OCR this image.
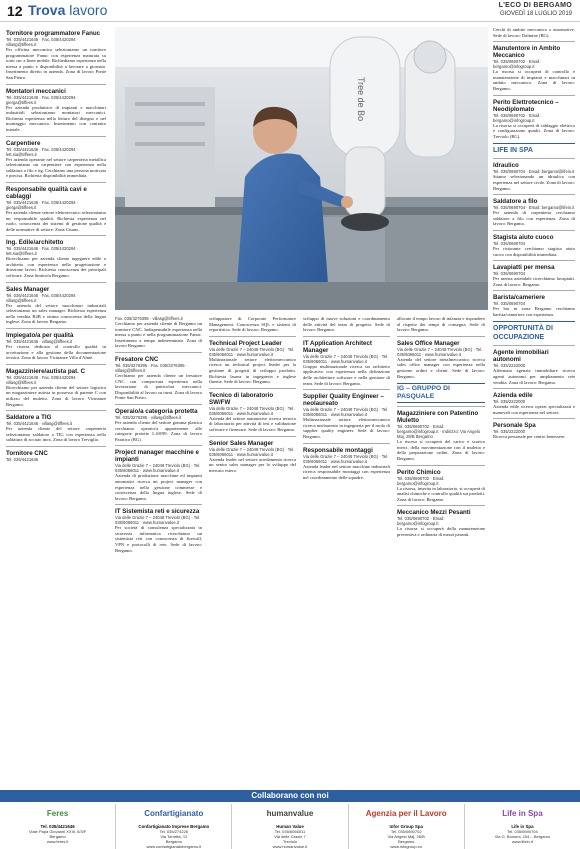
12 Trova lavoro	L'ECO DI BERGAMO
GIOVEDÌ 18 LUGLIO 2019
Tornitore programmatore Fanuc
Tel. 035/4421646 · Fax. 035/4420294 · villasg@tiffees.it

Per officina meccanica selezioniamo un tornitore programmatore Fanuc con esperienza maturata su torni cnc a linea mobile. Richiediamo esperienza nella messa a punto e disponibilità a lavorare a giornata. Inserimento diretto in azienda. Zona di lavoro Ponte San Pietro.

Montatori meccanici
Tel. 035/4421646 · Fax. 035/4420294 · gierga@tiffees.it

Per azienda produttrice di impianti e macchinari industriali selezioniamo montatori meccanici. Richiesta esperienza nella lettura del disegno e nel montaggio meccanico. Inserimento con contratto iniziale.

Carpentiere
Tel. 035/4421646 · Fax. 035/4420294 · lett.sia@tiffees.it

Per azienda operante nel settore carpenteria metallica selezioniamo un carpentiere con esperienza nella saldatura a filo e tig. Cerchiamo una persona motivata e precisa. Richiesta disponibilità immediata.

Responsabile qualità cavi e cablaggi
Tel. 035/4421646 · Fax. 035/4420294 · gierga@tiffees.it

Per azienda cliente settore elettrotecnico selezioniamo un responsabile qualità. Richiesta esperienza nel ruolo, conoscenza dei sistemi di gestione qualità e delle normative di settore. Zona Cisano.

Ing. Edile/architetto
Tel. 035/4421646 · Fax. 035/4420294 · lett.sia@tiffees.it

Ricerchiamo per azienda cliente ingegnere edile o architetto con esperienza nella progettazione e direzione lavori. Richiesta conoscenza dei principali software. Zona limitrofa Bergamo.

Sales Manager
Tel. 035/4421646 · Fax. 035/4420294 · villasg@tiffees.it

Per azienda del settore macchinari industriali selezioniamo un sales manager. Richiesta esperienza nella vendita B2B e ottima conoscenza della lingua inglese. Zona di lavoro Bergamo.

Impiegato/a per qualità
Tel. 035/4421646 · villasg@tiffees.it

Per risorsa dedicata al controllo qualità in accettazione e alla gestione della documentazione tecnica. Zona di lavoro Vicinanze Villa d'Almè.

Magazziniere/autista pat. C
Tel. 035/4421646 · Fax. 035/4420294 · villasg@tiffees.it

Ricerchiamo per azienda cliente del settore logistica un magazziniere autista in possesso di patente C con utilizzo del muletto. Zona di lavoro Vicinanze Bergamo.

Saldatore a TIG
Tel. 035/4421646 · villasg@tiffees.it

Per azienda cliente del settore carpenteria selezioniamo saldatore a TIG con esperienza nella saldatura di acciaio inox. Zona di lavoro Treviglio.

Tornitore CNC
Tel. 035/4421646
Fax. 035/3276395 · villasg@tiffees.it

Cerchiamo per azienda cliente di Bergamo un tornitore CNC. Indispensabile esperienza nella messa a punto e nella programmazione Fanuc. Inserimento a tempo indeterminato. Zona di lavoro Bergamo.

Fresatore CNC
Tel. 035/3276395 · Fax. 035/3276395 · villasg@tiffees.it

Cerchiamo per azienda cliente un fresatore CNC con comprovata esperienza nella lavorazione di particolari meccanici. Disponibilità al lavoro su turni. Zona di lavoro Ponte San Pietro.

Operaio/a categoria protetta
Tel. 035/3276395 · villasg@tiffees.it

Per azienda cliente del settore gomma plastica cerchiamo operaio/a appartenente alle categorie protette L.68/99. Zona di lavoro Paratico (BG).

Project manager macchine e impianti
Via delle Grazie 7 – 24048 Treviolo (BG) · Tel. 035/6066011 · www.humanvalue.it

Azienda di produzione macchine ed impianti automatici ricerca un project manager con esperienza nella gestione commesse e conoscenza della lingua inglese. Sede di lavoro: Bergamo.

IT Sistemista reti e sicurezza
Via delle Grazie 7 – 24048 Treviolo (BG) · Tel. 035/6066011 · www.humanvalue.it

Per società di consulenza specializzata in sicurezza informatica ricerchiamo un sistemista reti con conoscenza di firewall, VPN e protocolli di rete. Sede di lavoro: Bergamo.

sviluppatore di Corporate Performance Management. Conoscenza SQL e sistemi di reportistica. Sede di lavoro: Bergamo.

Technical Project Leader
Via delle Grazie 7 – 24048 Treviolo (BG) · Tel. 035/6066011 · www.humanvalue.it

Multinazionale settore elettromeccanico ricerca un technical project leader per la gestione di progetti di sviluppo prodotto. Richiesta laurea in ingegneria e inglese fluente. Sede di lavoro: Bergamo.

Tecnico di laboratorio SW/FW
Via delle Grazie 7 – 24048 Treviolo (BG) · Tel. 035/6066011 · www.humanvalue.it

Azienda del settore automotive ricerca tecnico di laboratorio per attività di test e validazione software e firmware. Sede di lavoro: Bergamo.

Senior Sales Manager
Via delle Grazie 7 – 24048 Treviolo (BG) · Tel. 035/6066011 · www.humanvalue.it

Azienda leader nel settore arredamento ricerca un senior sales manager per lo sviluppo del mercato estero.

sviluppo di nuove soluzioni e coordinamento delle attività del team di progetto. Sede di lavoro: Bergamo.

IT Application Architect Manager
Via delle Grazie 7 – 24048 Treviolo (BG) · Tel. 035/6066011 · www.humanvalue.it

Gruppo multinazionale ricerca un architetto applicativo con esperienza nella definizione delle architetture software e nella gestione di team. Sede di lavoro: Bergamo.

Supplier Quality Engineer – neolaureato
Via delle Grazie 7 – 24048 Treviolo (BG) · Tel. 035/6066011 · www.humanvalue.it

Multinazionale settore elettromeccanico ricerca neolaureato in ingegneria per il ruolo di supplier quality engineer. Sede di lavoro: Bergamo.

Responsabile montaggi
Via delle Grazie 7 – 24048 Treviolo (BG) · Tel. 035/6066011 · www.humanvalue.it

Azienda leader nel settore macchine industriali ricerca responsabile montaggi con esperienza nel coordinamento delle squadre.

allocate il tempo lavoro di infanzia e rispondere al rispetto dei tempi di consegna. Sede di lavoro: Bergamo.

Sales Office Manager
Via delle Grazie 7 – 24048 Treviolo (BG) · Tel. 035/6066011 · www.humanvalue.it

Azienda del settore metalmeccanico ricerca sales office manager con esperienza nella gestione ordini e clienti. Sede di lavoro: Bergamo.

IG – GRUPPO DI PASQUALE
Magazziniere con Patentino Muletto
Tel. 035/0690702 · Email: bergamo@infogroup.it · Indirizzo: Via Angelo Maj, 28/B Bergamo

La risorsa si occuperà del carico e scarico merci, della movimentazione con il muletto e della preparazione ordini. Zona di lavoro: Bergamo.

Perito Chimico
Tel. 035/0690702 · Email: bergamo@infogroup.it

La risorsa, inserita in laboratorio, si occuperà di analisi chimiche e controllo qualità sui prodotti. Zona di lavoro: Bergamo.

Meccanico Mezzi Pesanti
Tel. 035/0690702 · Email: bergamo@infogroup.it

La risorsa si occuperà della manutenzione preventiva e ordinaria di mezzi pesanti.

Cerchi di ambito meccanico o automotive. Sede di lavoro: Dalmine (BG).

Manutentore in Ambito Meccanico
Tel. 035/0690702 · Email: bergamo@infogroup.it

La risorsa si occuperà di controllo e manutenzione di impianti e macchinari in ambito meccanico. Zona di lavoro: Bergamo.

Perito Elettrotecnico – Neodiplomato
Tel. 035/0690702 · Email: bergamo@infogroup.it

La risorsa si occuperà di cablaggio elettrico e configurazione quadri. Zona di lavoro: Treviolo (BG).

LIFE IN SPA
Idraulico
Tel. 035/0690704 · Email: bergamo@lifein.it

Stiamo selezionando un idraulico con esperienza nel settore civile. Zona di lavoro: Bergamo.

Saldatore a filo
Tel. 035/0690704 · Email: bergamo@lifein.it

Per azienda di carpenteria cerchiamo saldatore a filo con esperienza. Zona di lavoro: Bergamo.

Stagista aiuto cuoco
Tel. 035/0690704

Per ristorante cerchiamo stagista aiuto cuoco con disponibilità immediata.

Lavapiatti per mensa
Tel. 035/0690704

Per mensa aziendale ricerchiamo lavapiatti. Zona di lavoro: Bergamo.

Barista/cameriere
Tel. 035/0690704

Per bar in zona Bergamo cerchiamo barista/cameriere con esperienza.

OPPORTUNITÀ DI OCCUPAZIONE
Agente immobiliari autonomi
Tel. 035/2222000

Affermata agenzia immobiliare ricerca agenti autonomi per ampliamento rete vendita. Zona di lavoro: Bergamo.

Azienda edile
Tel. 035/2222000

Azienda edile ricerca operai specializzati e manovali con esperienza nel settore.

Personale Spa
Tel. 035/2222000

Ricerca personale per centro benessere.

Tree de Bo
Collaborano con noi
Feres
Tel. 035/4421646
Viale Papa Giovanni XXIII, 6/3/F
Bergamo
www.feres.it

Confartigianato
Confartigianato Imprese Bergamo
Tel. 035/274226
Via Torretta, 12
Bergamo
www.confartigianatobergamo.it

humanvalue
Human Value
Tel. 035/6066011
Via delle Grazie 7
Treviolo
www.humanvalue.it

Agenzia per il Lavoro
Infor Group Spa
Tel. 035/0690702
Via Angelo Maj, 28/B
Bergamo
www.infogroup.eu

Life in Spa
Life in Spa
Tel. 035/0690704
Via G. Bonomi, 154 – Bergamo
www.lifein.it
